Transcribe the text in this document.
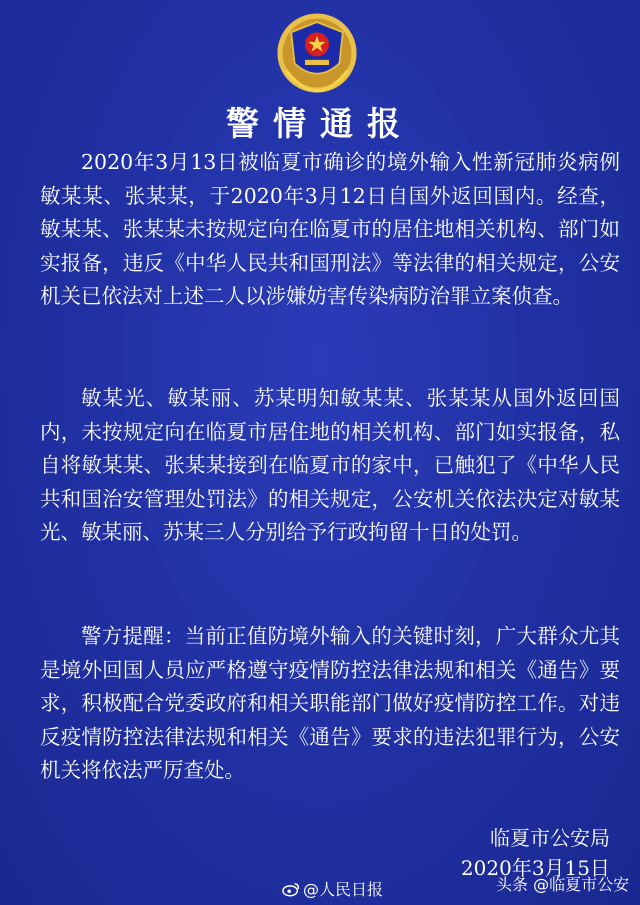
警情通报

2020年3月13日被临夏市确诊的境外输入性新冠肺炎病例敏某某、张某某，于2020年3月12日自国外返回国内。经查，敏某某、张某某未按规定向在临夏市的居住地相关机构、部门如实报备，违反《中华人民共和国刑法》等法律的相关规定，公安机关已依法对上述二人以涉嫌妨害传染病防治罪立案侦查。

敏某光、敏某丽、苏某明知敏某某、张某某从国外返回国内，未按规定向在临夏市居住地的相关机构、部门如实报备，私自将敏某某、张某某接到在临夏市的家中，已触犯了《中华人民共和国治安管理处罚法》的相关规定，公安机关依法决定对敏某光、敏某丽、苏某三人分别给予行政拘留十日的处罚。

警方提醒：当前正值防境外输入的关键时刻，广大群众尤其是境外回国人员应严格遵守疫情防控法律法规和相关《通告》要求，积极配合党委政府和相关职能部门做好疫情防控工作。对违反疫情防控法律法规和相关《通告》要求的违法犯罪行为，公安机关将依法严厉查处。

临夏市公安局
2020年3月15日
@人民日报	头条 @临夏市公安
